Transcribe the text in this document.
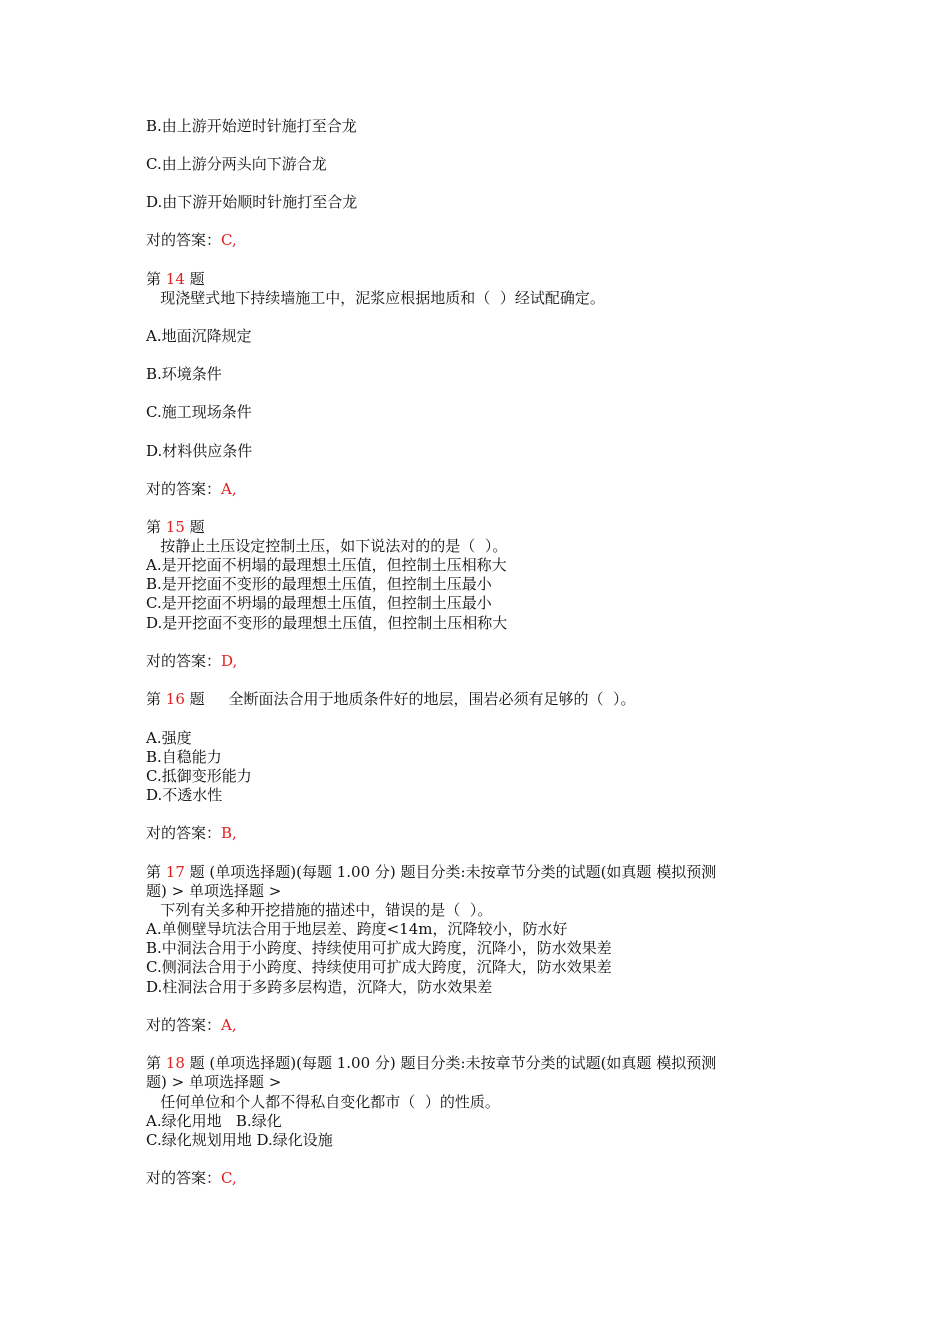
B.由上游开始逆时针施打至合龙
C.由上游分两头向下游合龙
D.由下游开始顺时针施打至合龙
对的答案：C,
第 14 题
现浇壁式地下持续墙施工中，泥浆应根据地质和（  ）经试配确定。
A.地面沉降规定
B.环境条件
C.施工现场条件
D.材料供应条件
对的答案：A,
第 15 题
按静止土压设定控制土压，如下说法对的的是（  ）。
A.是开挖面不枂塌的最理想土压值，但控制土压相称大
B.是开挖面不变形的最理想土压值，但控制土压最小
C.是开挖面不坍塌的最理想土压值，但控制土压最小
D.是开挖面不变形的最理想土压值，但控制土压相称大
对的答案：D,
第 16 题     全断面法合用于地质条件好的地层，围岩必须有足够的（  ）。
A.强度
B.自稳能力
C.抵御变形能力
D.不透水性
对的答案：B,
第 17 题 (单项选择题)(每题 1.00 分) 题目分类:未按章节分类的试题(如真题 模拟预测
题) > 单项选择题 >
下列有关多种开挖措施的描述中，错误的是（  ）。
A.单侧壁导坑法合用于地层差、跨度<14m，沉降较小，防水好
B.中洞法合用于小跨度、持续使用可扩成大跨度，沉降小，防水效果差
C.侧洞法合用于小跨度、持续使用可扩成大跨度，沉降大，防水效果差
D.柱洞法合用于多跨多层构造，沉降大，防水效果差
对的答案：A,
第 18 题 (单项选择题)(每题 1.00 分) 题目分类:未按章节分类的试题(如真题 模拟预测
题) > 单项选择题 >
任何单位和个人都不得私自变化都市（  ）的性质。
A.绿化用地   B.绿化
C.绿化规划用地 D.绿化设施
对的答案：C,
